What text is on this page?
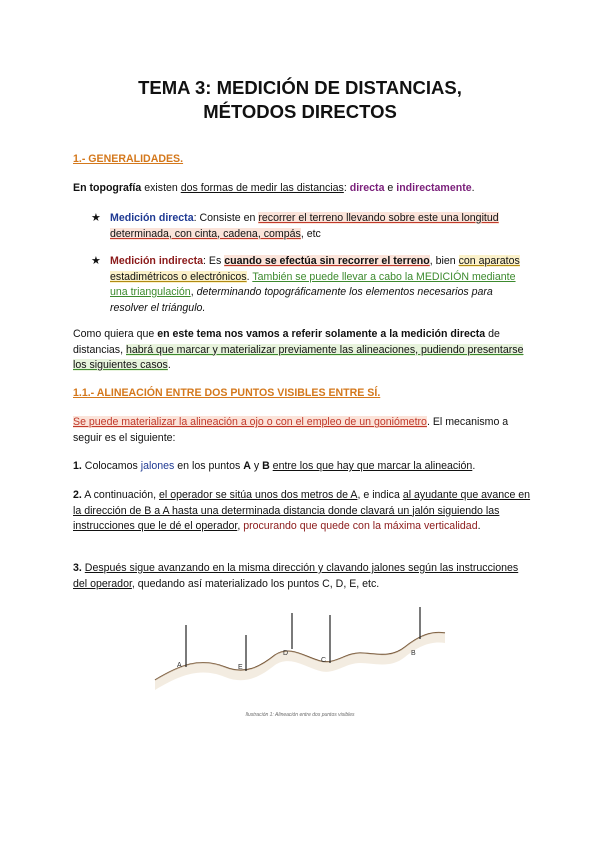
TEMA 3: MEDICIÓN DE DISTANCIAS,
MÉTODOS DIRECTOS
1.- GENERALIDADES.
En topografía existen dos formas de medir las distancias: directa e indirectamente.
★ Medición directa: Consiste en recorrer el terreno llevando sobre este una longitud determinada, con cinta, cadena, compás, etc
★ Medición indirecta: Es cuando se efectúa sin recorrer el terreno, bien con aparatos estadimétricos o electrónicos. También se puede llevar a cabo la MEDICIÓN mediante una triangulación, determinando topográficamente los elementos necesarios para resolver el triángulo.
Como quiera que en este tema nos vamos a referir solamente a la medición directa de distancias, habrá que marcar y materializar previamente las alineaciones, pudiendo presentarse los siguientes casos.
1.1.- ALINEACIÓN ENTRE DOS PUNTOS VISIBLES ENTRE SÍ.
Se puede materializar la alineación a ojo o con el empleo de un goniómetro. El mecanismo a seguir es el siguiente:
1. Colocamos jalones en los puntos A y B entre los que hay que marcar la alineación.
2. A continuación, el operador se sitúa unos dos metros de A, e indica al ayudante que avance en la dirección de B a A hasta una determinada distancia donde clavará un jalón siguiendo las instrucciones que le dé el operador, procurando que quede con la máxima verticalidad.
3. Después sigue avanzando en la misma dirección y clavando jalones según las instrucciones del operador, quedando así materializado los puntos C, D, E, etc.
A	E
D
C
B
Ilustración 1: Alineación entre dos puntos visibles
